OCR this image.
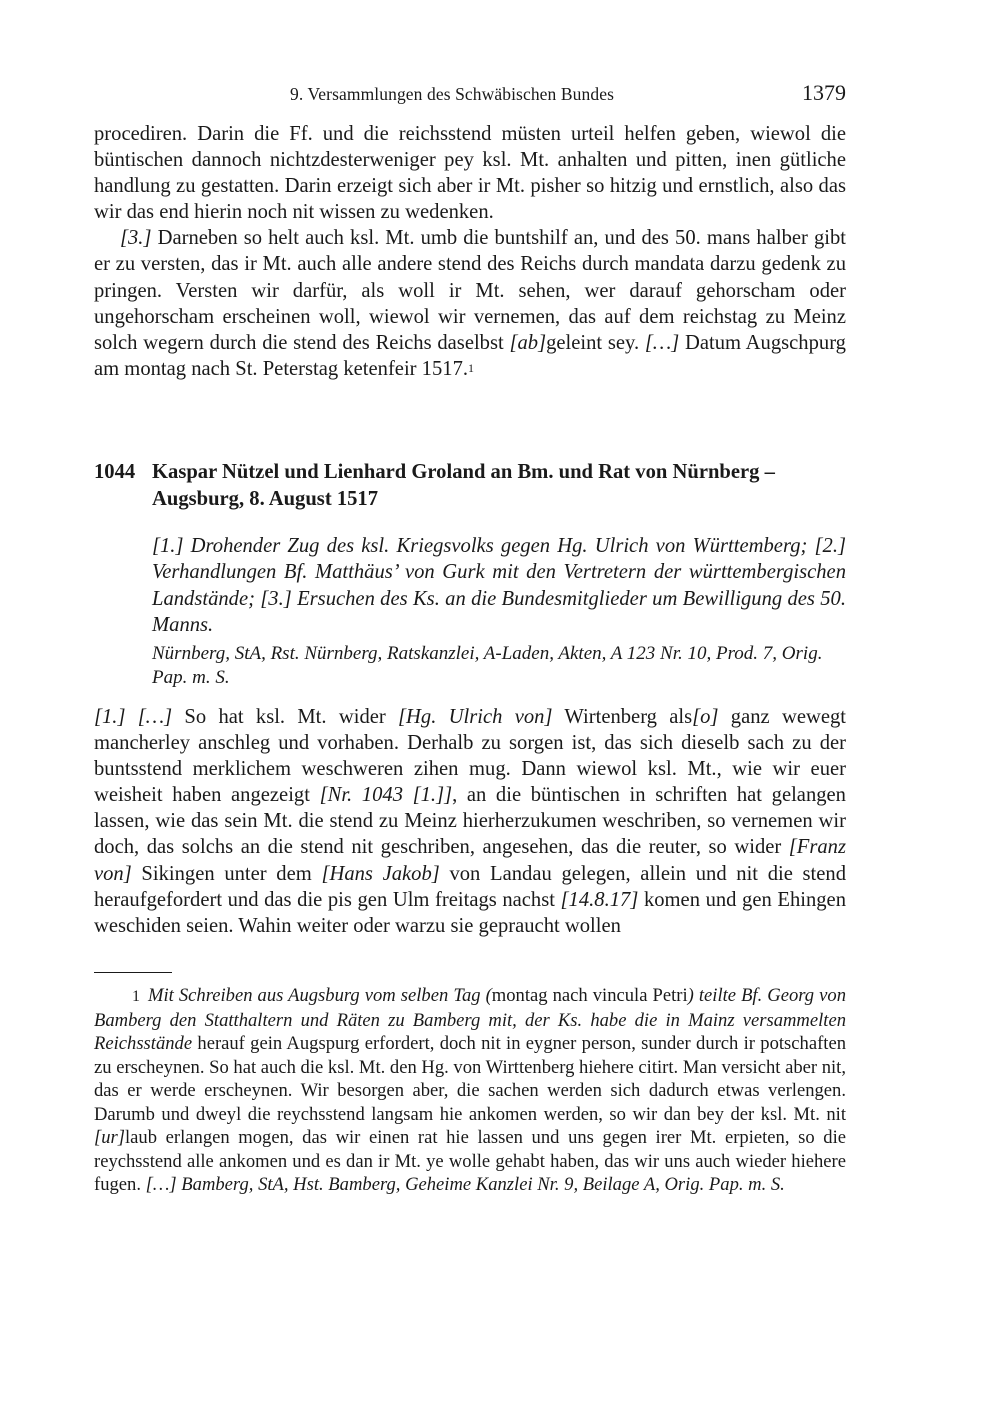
9. Versammlungen des Schwäbischen Bundes	1379

procediren. Darin die Ff. und die reichsstend müsten urteil helfen geben, wiewol die büntischen dannoch nichtzdesterweniger pey ksl. Mt. anhalten und pitten, inen gütliche handlung zu gestatten. Darin erzeigt sich aber ir Mt. pisher so hitzig und ernstlich, also das wir das end hierin noch nit wissen zu wedenken.

[3.] Darneben so helt auch ksl. Mt. umb die buntshilf an, und des 50. mans halber gibt er zu versten, das ir Mt. auch alle andere stend des Reichs durch mandata darzu gedenk zu pringen. Versten wir darfür, als woll ir Mt. sehen, wer darauf gehorscham oder ungehorscham erscheinen woll, wiewol wir vernemen, das auf dem reichstag zu Meinz solch wegern durch die stend des Reichs daselbst [ab]geleint sey. […] Datum Augschpurg am montag nach St. Peterstag ketenfeir 1517.$^1$

1044 Kaspar Nützel und Lienhard Groland an Bm. und Rat von Nürnberg – Augsburg, 8. August 1517

[1.] Drohender Zug des ksl. Kriegsvolks gegen Hg. Ulrich von Württemberg; [2.] Verhandlungen Bf. Matthäus’ von Gurk mit den Vertretern der württembergischen Landstände; [3.] Ersuchen des Ks. an die Bundesmitglieder um Bewilligung des 50. Manns.

Nürnberg, StA, Rst. Nürnberg, Ratskanzlei, A-Laden, Akten, A 123 Nr. 10, Prod. 7, Orig. Pap. m. S.

[1.] […] So hat ksl. Mt. wider [Hg. Ulrich von] Wirtenberg als[o] ganz wewegt mancherley anschleg und vorhaben. Derhalb zu sorgen ist, das sich dieselb sach zu der buntsstend merklichem weschweren zihen mug. Dann wiewol ksl. Mt., wie wir euer weisheit haben angezeigt [Nr. 1043 [1.]], an die büntischen in schriften hat gelangen lassen, wie das sein Mt. die stend zu Meinz hierherzukumen weschriben, so vernemen wir doch, das solchs an die stend nit geschriben, angesehen, das die reuter, so wider [Franz von] Sikingen unter dem [Hans Jakob] von Landau gelegen, allein und nit die stend heraufgefordert und das die pis gen Ulm freitags nachst [14.8.17] komen und gen Ehingen weschiden seien. Wahin weiter oder warzu sie gepraucht wollen

1 Mit Schreiben aus Augsburg vom selben Tag (montag nach vincula Petri) teilte Bf. Georg von Bamberg den Statthaltern und Räten zu Bamberg mit, der Ks. habe die in Mainz versammelten Reichsstände herauf gein Augspurg erfordert, doch nit in eygner person, sunder durch ir potschaften zu erscheynen. So hat auch die ksl. Mt. den Hg. von Wirttenberg hiehere citirt. Man versicht aber nit, das er werde erscheynen. Wir besorgen aber, die sachen werden sich dadurch etwas verlengen. Darumb und dweyl die reychsstend langsam hie ankomen werden, so wir dan bey der ksl. Mt. nit [ur]laub erlangen mogen, das wir einen rat hie lassen und uns gegen irer Mt. erpieten, so die reychsstend alle ankomen und es dan ir Mt. ye wolle gehabt haben, das wir uns auch wieder hiehere fugen. […] Bamberg, StA, Hst. Bamberg, Geheime Kanzlei Nr. 9, Beilage A, Orig. Pap. m. S.
